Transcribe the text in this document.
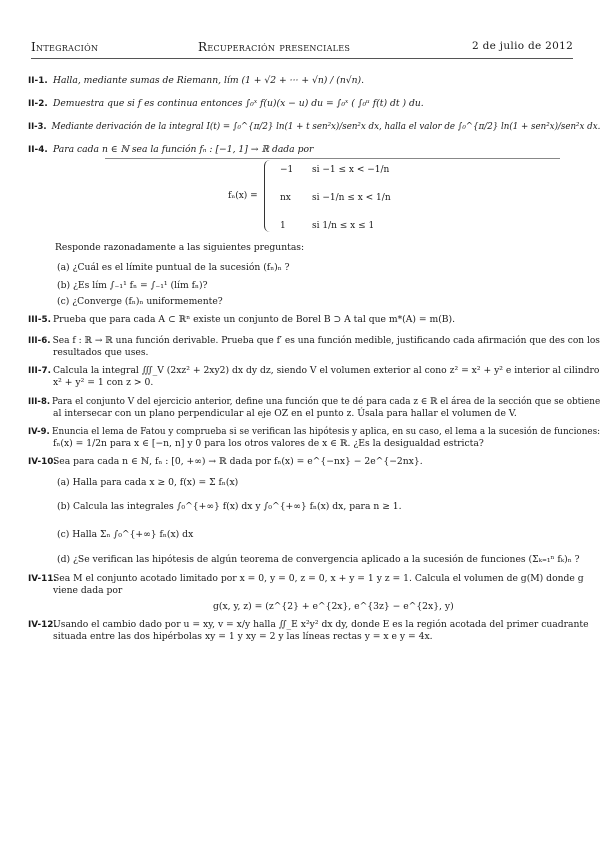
Integración	Recuperación presenciales	2 de julio de 2012
II-1. Halla, mediante sumas de Riemann, lím (1 + √2 + ··· + √n) / (n√n).
II-2. Demuestra que si f es continua entonces ∫₀ˣ f(u)(x − u) du = ∫₀ˣ ( ∫₀ᵘ f(t) dt ) du.
II-3. Mediante derivación de la integral I(t) = ∫₀^{π/2} ln(1 + t sen²x)/sen²x dx, halla el valor de ∫₀^{π/2} ln(1 + sen²x)/sen²x dx.
II-4. Para cada n ∈ ℕ sea la función fₙ : [−1, 1] → ℝ dada por
fₙ(x) =
−1 si −1 ≤ x < −1/n
nx si −1/n ≤ x < 1/n
1	si 1/n ≤ x ≤ 1
Responde razonadamente a las siguientes preguntas:
(a) ¿Cuál es el límite puntual de la sucesión (fₙ)ₙ ?
(b) ¿Es lím ∫₋₁¹ fₙ = ∫₋₁¹ (lím fₙ)?
(c) ¿Converge (fₙ)ₙ uniformemente?
III-5. Prueba que para cada A ⊂ ℝⁿ existe un conjunto de Borel B ⊃ A tal que m*(A) = m(B).
III-6. Sea f : ℝ → ℝ una función derivable. Prueba que f′ es una función medible, justificando cada afirmación que des con los
resultados que uses.
III-7. Calcula la integral ∭_V (2xz² + 2xy2) dx dy dz, siendo V el volumen exterior al cono z² = x² + y² e interior al cilindro
x² + y² = 1 con z > 0.
III-8. Para el conjunto V del ejercicio anterior, define una función que te dé para cada z ∈ ℝ el área de la sección que se obtiene
al intersecar con un plano perpendicular al eje OZ en el punto z. Úsala para hallar el volumen de V.
IV-9. Enuncia el lema de Fatou y comprueba si se verifican las hipótesis y aplica, en su caso, el lema a la sucesión de funciones:
fₙ(x) = 1/2n para x ∈ [−n, n] y 0 para los otros valores de x ∈ ℝ. ¿Es la desigualdad estricta?
IV-10.Sea para cada n ∈ ℕ, fₙ : [0, +∞) → ℝ dada por fₙ(x) = e^{−nx} − 2e^{−2nx}.
(a) Halla para cada x ≥ 0, f(x) = Σ fₙ(x)
(b) Calcula las integrales ∫₀^{+∞} f(x) dx y ∫₀^{+∞} fₙ(x) dx, para n ≥ 1.
(c) Halla Σₙ ∫₀^{+∞} fₙ(x) dx
(d) ¿Se verifican las hipótesis de algún teorema de convergencia aplicado a la sucesión de funciones (Σₖ₌₁ⁿ fₖ)ₙ ?
IV-11.Sea M el conjunto acotado limitado por x = 0, y = 0, z = 0, x + y = 1 y z = 1. Calcula el volumen de g(M) donde g
viene dada por
g(x, y, z) = (z^{2} + e^{2x}, e^{3z} − e^{2x}, y)
IV-12.Usando el cambio dado por u = xy, v = x/y halla ∬_E x²y² dx dy, donde E es la región acotada del primer cuadrante
situada entre las dos hipérbolas xy = 1 y xy = 2 y las líneas rectas y = x e y = 4x.
